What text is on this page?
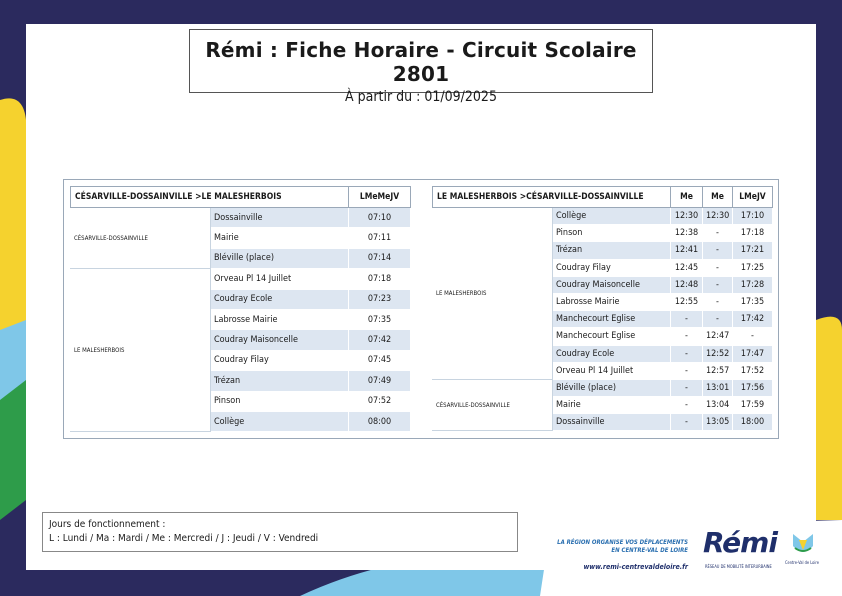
Rémi : Fiche Horaire - Circuit Scolaire 2801
À partir du : 01/09/2025
CÉSARVILLE-DOSSAINVILLE >LE MALESHERBOIS		LMeMeJV
CÉSARVILLE-DOSSAINVILLE	Dossainville	07:10
	Mairie	07:11
	Bléville (place)	07:14
LE MALESHERBOIS	Orveau Pl 14 Juillet	07:18
	Coudray Ecole	07:23
	Labrosse Mairie	07:35
	Coudray Maisoncelle	07:42
	Coudray Filay	07:45
	Trézan	07:49
	Pinson	07:52
	Collège	08:00
LE MALESHERBOIS >CÉSARVILLE-DOSSAINVILLE		Me	Me	LMeJV
LE MALESHERBOIS	Collège	12:30	12:30	17:10
	Pinson	12:38	-	17:18
	Trézan	12:41	-	17:21
	Coudray Filay	12:45	-	17:25
	Coudray Maisoncelle	12:48	-	17:28
	Labrosse Mairie	12:55	-	17:35
	Manchecourt Eglise	-	-	17:42
	Manchecourt Eglise	-	12:47	-
	Coudray Ecole	-	12:52	17:47
	Orveau Pl 14 Juillet	-	12:57	17:52
CÉSARVILLE-DOSSAINVILLE	Bléville (place)	-	13:01	17:56
	Mairie	-	13:04	17:59
	Dossainville	-	13:05	18:00
Jours de fonctionnement :
L : Lundi / Ma : Mardi / Me : Mercredi / J : Jeudi / V : Vendredi	LA RÉGION ORGANISE VOS DÉPLACEMENTS
EN CENTRE-VAL DE LOIRE
www.remi-centrevaldeloire.fr
Rémi
RÉSEAU DE MOBILITÉ INTERURBAINE
Centre-Val de Loire
